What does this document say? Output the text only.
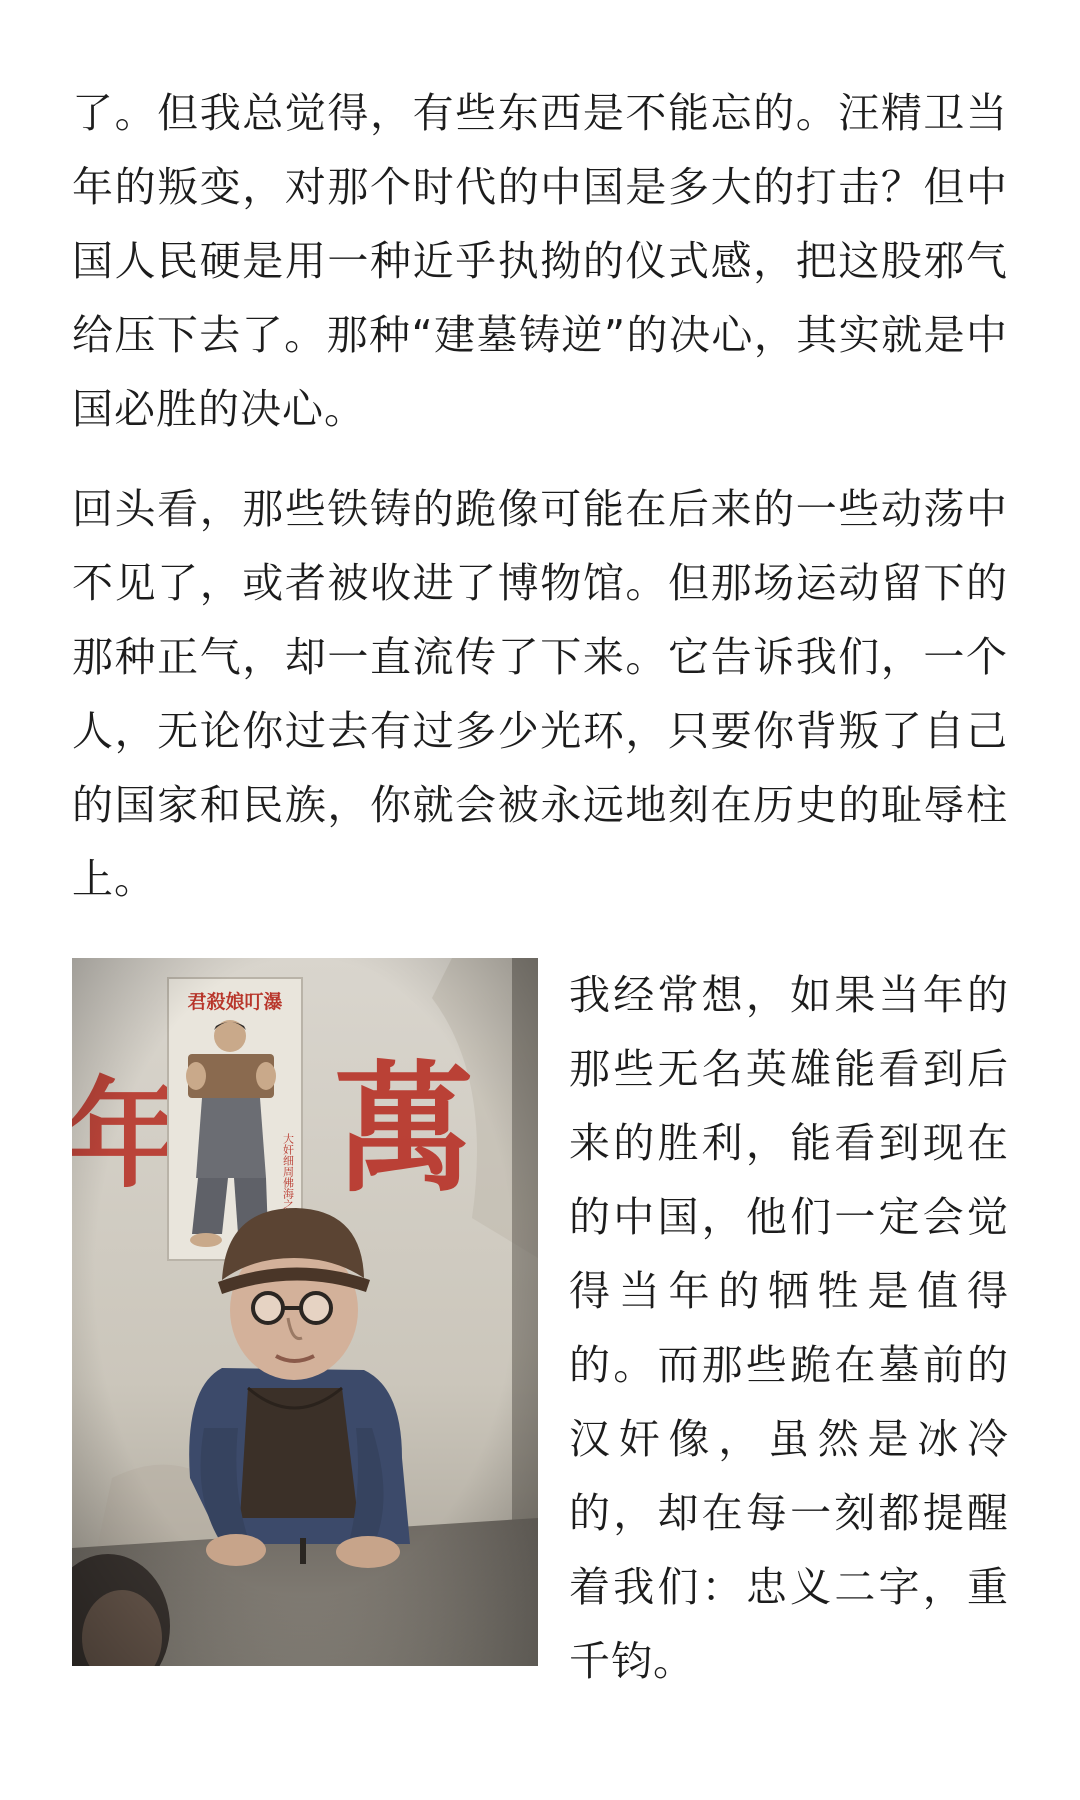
了。但我总觉得，有些东西是不能忘的。汪精卫当年的叛变，对那个时代的中国是多大的打击？但中国人民硬是用一种近乎执拗的仪式感，把这股邪气给压下去了。那种“建墓铸逆”的决心，其实就是中国必胜的决心。

回头看，那些铁铸的跪像可能在后来的一些动荡中不见了，或者被收进了博物馆。但那场运动留下的那种正气，却一直流传了下来。它告诉我们，一个人，无论你过去有过多少光环，只要你背叛了自己的国家和民族，你就会被永远地刻在历史的耻辱柱上。

我经常想，如果当年的那些无名英雄能看到后来的胜利，能看到现在的中国，他们一定会觉得当年的牺牲是值得的。而那些跪在墓前的汉奸像，虽然是冰冷的，却在每一刻都提醒着我们：忠义二字，重千钧。
